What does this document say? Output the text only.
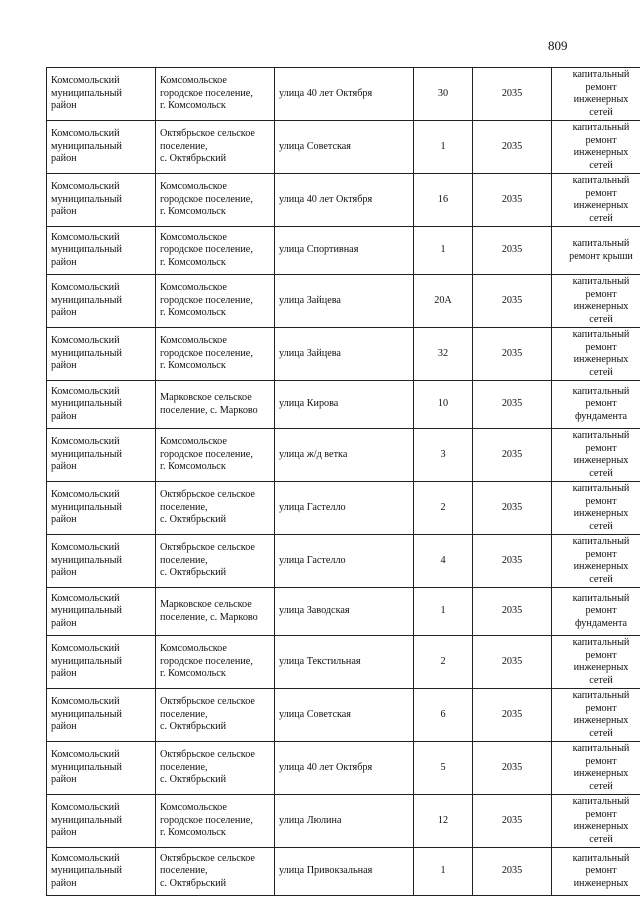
809
Комсомольский
муниципальный
район	Комсомольское
городское поселение,
г. Комсомольск	улица 40 лет Октября	30	2035	капитальный
ремонт
инженерных
сетей

Комсомольский
муниципальный
район	Октябрьское сельское
поселение,
с. Октябрьский	улица Советская	1	2035	капитальный
ремонт
инженерных
сетей

Комсомольский
муниципальный
район	Комсомольское
городское поселение,
г. Комсомольск	улица 40 лет Октября	16	2035	капитальный
ремонт
инженерных
сетей

Комсомольский
муниципальный
район	Комсомольское
городское поселение,
г. Комсомольск	улица Спортивная	1	2035	капитальный
ремонт крыши

Комсомольский
муниципальный
район	Комсомольское
городское поселение,
г. Комсомольск	улица Зайцева	20А	2035	капитальный
ремонт
инженерных
сетей

Комсомольский
муниципальный
район	Комсомольское
городское поселение,
г. Комсомольск	улица Зайцева	32	2035	капитальный
ремонт
инженерных
сетей

Комсомольский
муниципальный
район	Марковское сельское
поселение, с. Марково	улица Кирова	10	2035	капитальный
ремонт
фундамента

Комсомольский
муниципальный
район	Комсомольское
городское поселение,
г. Комсомольск	улица ж/д ветка	3	2035	капитальный
ремонт
инженерных
сетей

Комсомольский
муниципальный
район	Октябрьское сельское
поселение,
с. Октябрьский	улица Гастелло	2	2035	капитальный
ремонт
инженерных
сетей

Комсомольский
муниципальный
район	Октябрьское сельское
поселение,
с. Октябрьский	улица Гастелло	4	2035	капитальный
ремонт
инженерных
сетей

Комсомольский
муниципальный
район	Марковское сельское
поселение, с. Марково	улица Заводская	1	2035	капитальный
ремонт
фундамента

Комсомольский
муниципальный
район	Комсомольское
городское поселение,
г. Комсомольск	улица Текстильная	2	2035	капитальный
ремонт
инженерных
сетей

Комсомольский
муниципальный
район	Октябрьское сельское
поселение,
с. Октябрьский	улица Советская	6	2035	капитальный
ремонт
инженерных
сетей

Комсомольский
муниципальный
район	Октябрьское сельское
поселение,
с. Октябрьский	улица 40 лет Октября	5	2035	капитальный
ремонт
инженерных
сетей

Комсомольский
муниципальный
район	Комсомольское
городское поселение,
г. Комсомольск	улица Люлина	12	2035	капитальный
ремонт
инженерных
сетей

Комсомольский
муниципальный
район	Октябрьское сельское
поселение,
с. Октябрьский	улица Привокзальная	1	2035	капитальный
ремонт
инженерных
